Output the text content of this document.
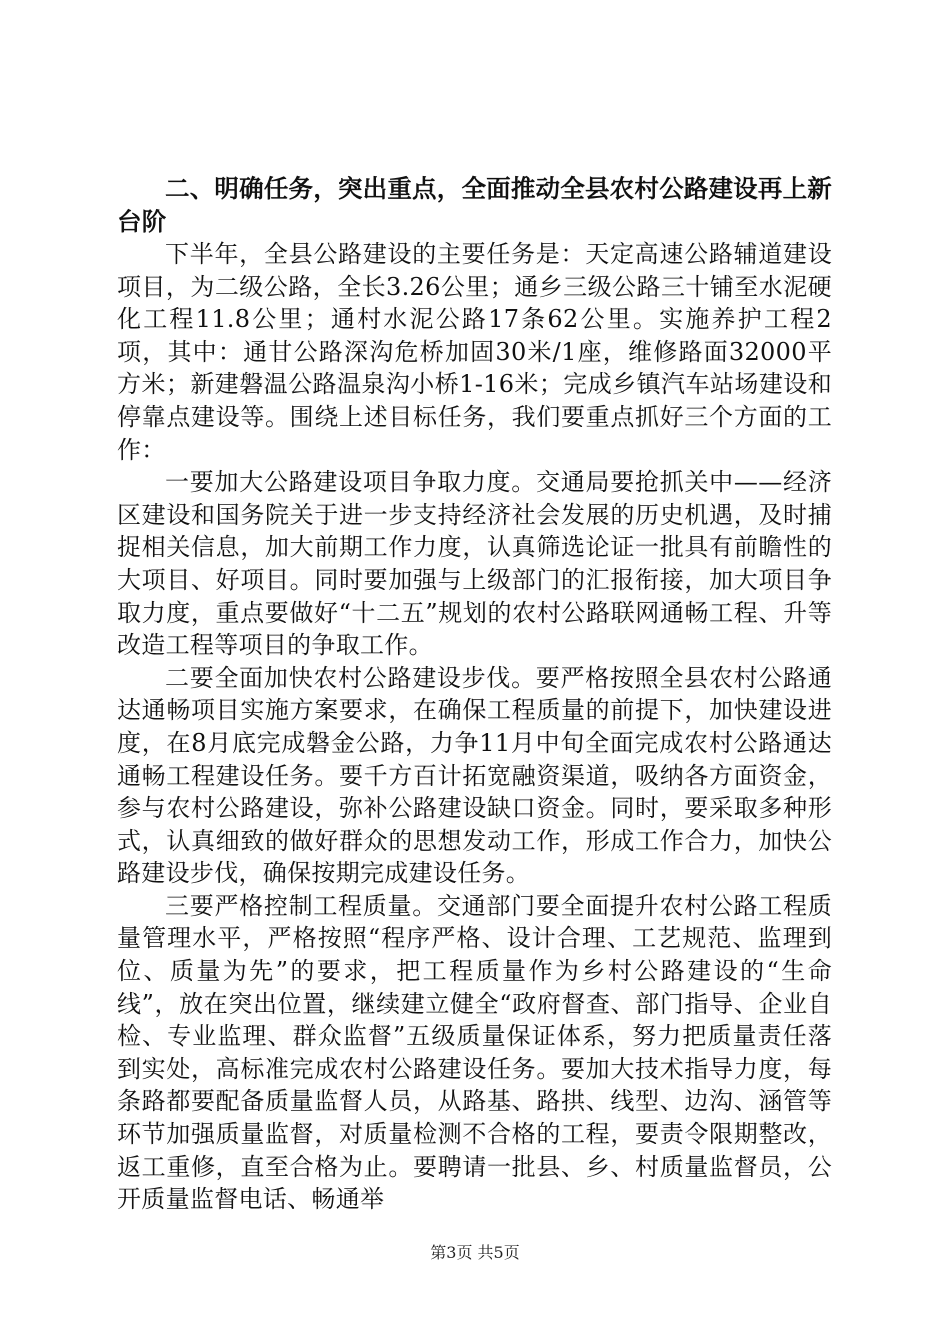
二、明确任务，突出重点，全面推动全县农村公路建设再上新台阶

下半年，全县公路建设的主要任务是：天定高速公路辅道建设项目，为二级公路，全长3.26公里；通乡三级公路三十铺至水泥硬化工程11.8公里；通村水泥公路17条62公里。实施养护工程2项，其中：通甘公路深沟危桥加固30米/1座，维修路面32000平方米；新建磐温公路温泉沟小桥1-16米；完成乡镇汽车站场建设和停靠点建设等。围绕上述目标任务，我们要重点抓好三个方面的工作：

一要加大公路建设项目争取力度。交通局要抢抓关中——经济区建设和国务院关于进一步支持经济社会发展的历史机遇，及时捕捉相关信息，加大前期工作力度，认真筛选论证一批具有前瞻性的大项目、好项目。同时要加强与上级部门的汇报衔接，加大项目争取力度，重点要做好“十二五”规划的农村公路联网通畅工程、升等改造工程等项目的争取工作。

二要全面加快农村公路建设步伐。要严格按照全县农村公路通达通畅项目实施方案要求，在确保工程质量的前提下，加快建设进度，在8月底完成磐金公路，力争11月中旬全面完成农村公路通达通畅工程建设任务。要千方百计拓宽融资渠道，吸纳各方面资金，参与农村公路建设，弥补公路建设缺口资金。同时，要采取多种形式，认真细致的做好群众的思想发动工作，形成工作合力，加快公路建设步伐，确保按期完成建设任务。

三要严格控制工程质量。交通部门要全面提升农村公路工程质量管理水平，严格按照“程序严格、设计合理、工艺规范、监理到位、质量为先”的要求，把工程质量作为乡村公路建设的“生命线”，放在突出位置，继续建立健全“政府督查、部门指导、企业自检、专业监理、群众监督”五级质量保证体系，努力把质量责任落到实处，高标准完成农村公路建设任务。要加大技术指导力度，每条路都要配备质量监督人员，从路基、路拱、线型、边沟、涵管等环节加强质量监督，对质量检测不合格的工程，要责令限期整改，返工重修，直至合格为止。要聘请一批县、乡、村质量监督员，公开质量监督电话、畅通举

第3页 共5页
